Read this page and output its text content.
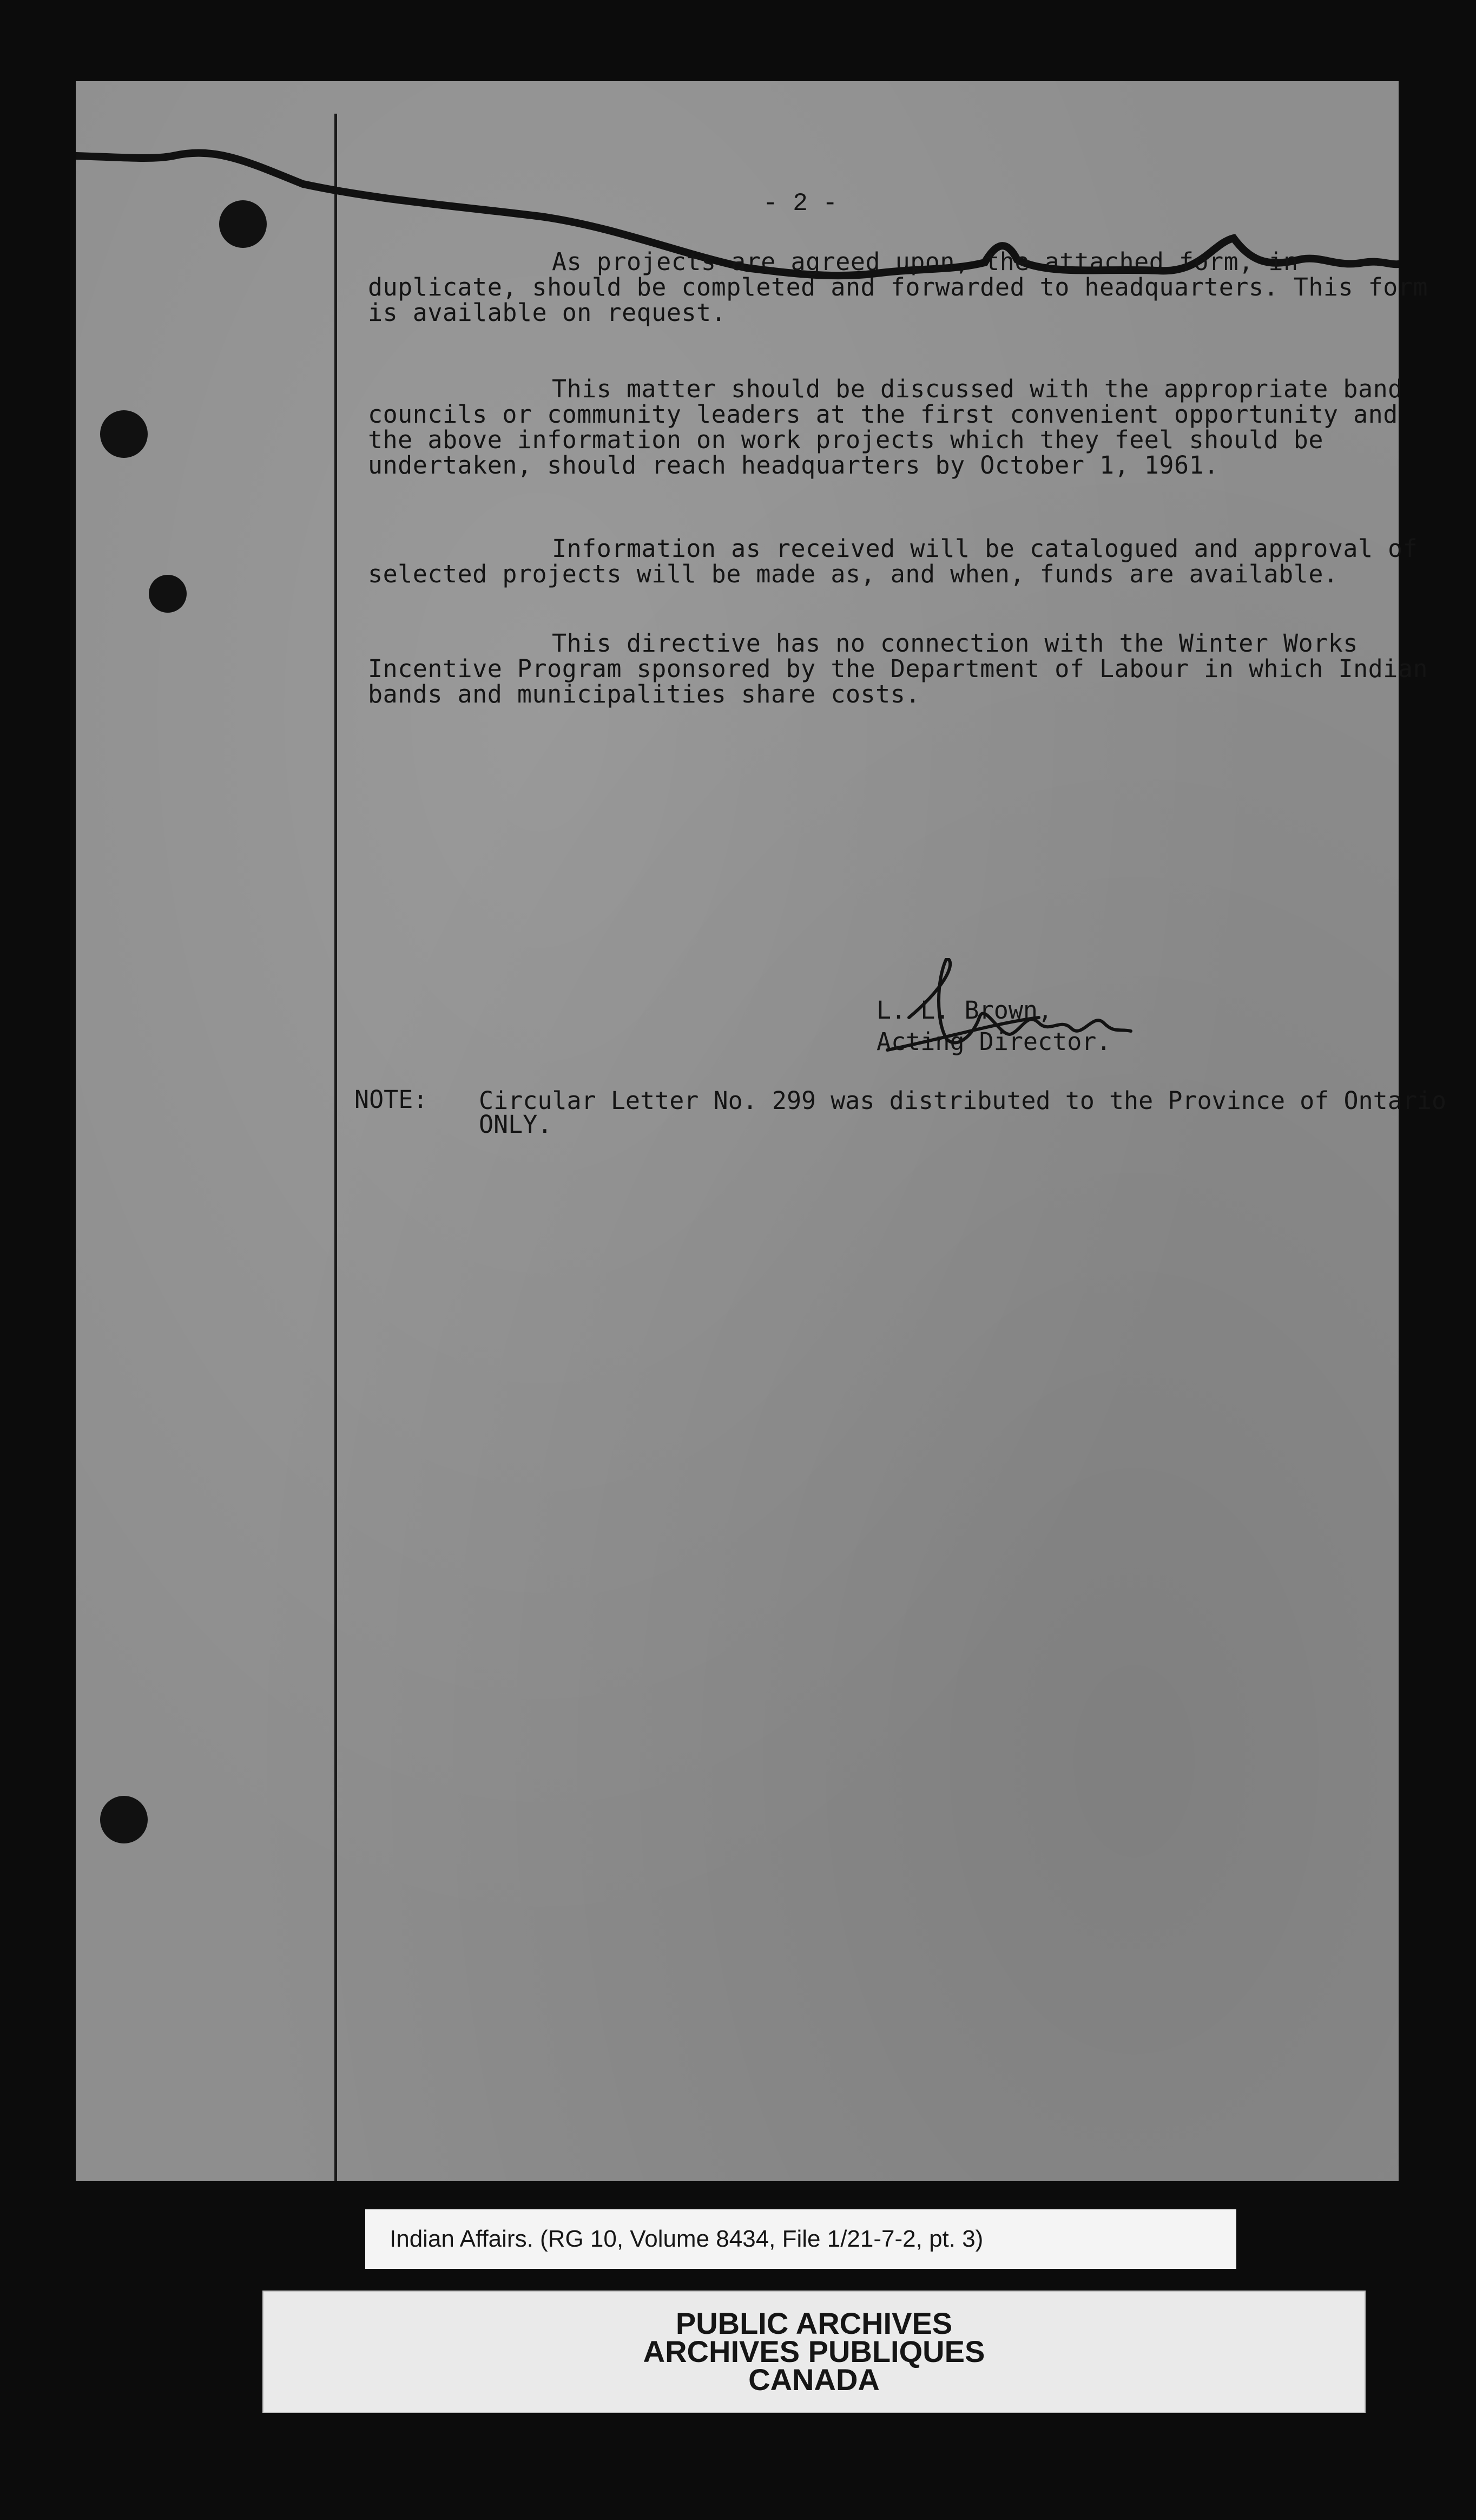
- 2 -

As projects are agreed upon, the attached form, in duplicate, should be completed and forwarded to headquarters. This form is available on request.

This matter should be discussed with the appropriate band councils or community leaders at the first convenient opportunity and the above information on work projects which they feel should be undertaken, should reach headquarters by October 1, 1961.

Information as received will be catalogued and approval of selected projects will be made as, and when, funds are available.

This directive has no connection with the Winter Works Incentive Program sponsored by the Department of Labour in which Indian bands and municipalities share costs.

L. L. Brown,
Acting Director.
NOTE: Circular Letter No. 299 was distributed to the Province of Ontario ONLY.

Indian Affairs. (RG 10, Volume 8434, File 1/21-7-2, pt. 3)
PUBLIC ARCHIVES
ARCHIVES PUBLIQUES
CANADA
